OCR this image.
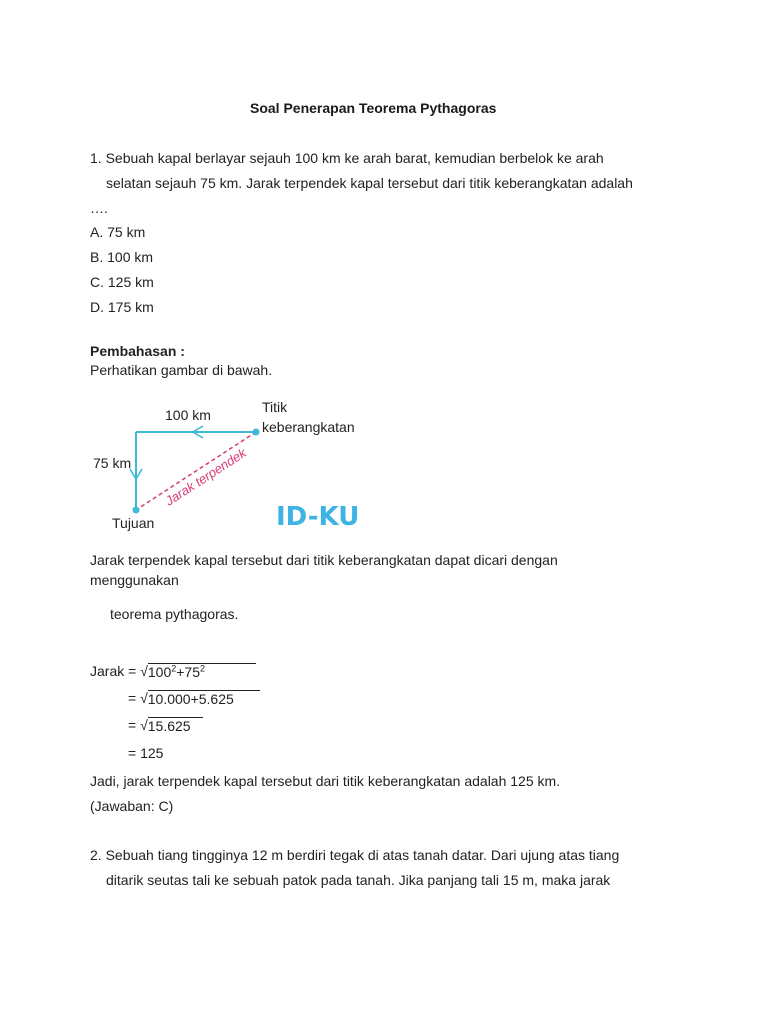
Soal Penerapan Teorema Pythagoras
1. Sebuah kapal berlayar sejauh 100 km ke arah barat, kemudian berbelok ke arah
selatan sejauh 75 km. Jarak terpendek kapal tersebut dari titik keberangkatan adalah
….
A. 75 km
B. 100 km
C. 125 km
D. 175 km
Pembahasan :
Perhatikan gambar di bawah.
100 km
75 km
Titik
keberangkatan
Tujuan
Jarak terpendek
ID-KU
Jarak terpendek kapal tersebut dari titik keberangkatan dapat dicari dengan
menggunakan
teorema pythagoras.
Jarak = √ $100^2+75^2$
= √ 10.000+5.625
= √ 15.625
= 125
Jadi, jarak terpendek kapal tersebut dari titik keberangkatan adalah 125 km.
(Jawaban: C)
2. Sebuah tiang tingginya 12 m berdiri tegak di atas tanah datar. Dari ujung atas tiang
ditarik seutas tali ke sebuah patok pada tanah. Jika panjang tali 15 m, maka jarak
